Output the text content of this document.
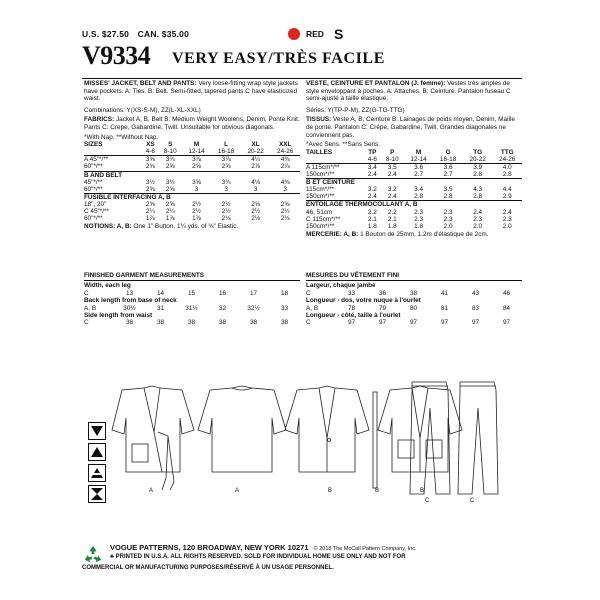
U.S. $27.50 CAN. $35.00	RED S
V9334 VERY EASY/TRÈS FACILE

MISSES' JACKET, BELT AND PANTS: Very loose-fitting wrap style jackets have pockets. A: Ties. B: Belt. Semi-fitted, tapered pants C have elasticized waist.

Combinations: Y(XS-S-M), ZZ(L-XL-XXL)

FABRICS: Jacket A, B, Belt B: Medium Weight Woolens, Denim, Ponte Knit. Pants C: Crepe, Gabardine, Twill. Unsuitable for obvious diagonals.

*With Nap. **Without Nap.

SIZES	XS	S	M	L	XL	XXL
	4-6	8-10	12-14	16-18	20-22	24-26
A 45"*/**	3⅝	3¾	3⅞	3⅞	4¼	4⅜
60"*/**	2⅝	2⅝	2⅝	2⅝	2⅞	2⅞
B AND BELT						
45"*/**	3½	3½	3⅝	3¾	4⅛	4⅜
60"*/**	2⅝	2⅝	3	3	3	3
FUSIBLE INTERFACING A, B						
18", 20"	2⅝	2⅝	2½	2½	2⅝	2⅝
C 45"*/**	2¼	2¼	2½	2½	2½	2½
60"*/**	1⅞	1⅞	1⅞	2⅛	2⅛	2⅛

NOTIONS: A, B: One 1" Button, 1¼ yds. of ¾" Elastic.

VESTE, CEINTURE ET PANTALON (J. femme): Vestes très amples de style enveloppant à poches. A: Attaches. B: Ceinture. Pantalon fuseau C semi-ajusté à taille élastique.

Séries: Y(TP-P-M), ZZ(G-TG-TTG)

TISSUS: Veste A, B, Ceinture B: Lainages de poids moyen, Denim, Maille de ponte. Pantalon C: Crêpe, Gabardine, Twill. Grandes diagonales ne conviennent pas.

*Avec Sens. **Sans Sens.

TAILLES	TP	P	M	G	TG	TTG
	4-6	8-10	12-14	16-18	20-22	24-26
A 115cm*/**	3.4	3.5	3.6	3.6	3.9	4.0
150cm*/**	2.4	2.4	2.7	2.7	2.8	2.8
B ET CEINTURE						
115cm*/**	3.2	3.2	3.4	3.5	4.3	4.4
150cm*/**	2.4	2.4	2.8	2.8	2.8	2.9
ENTOILAGE THERMOCOLLANT A, B						
46, 51cm	2.2	2.2	2.3	2.3	2.4	2.4
C 115cm*/**	2.1	2.1	2.3	2.3	2.3	2.3
150cm*/**	1.8	1.8	1.8	2.0	2.0	2.0

MERCERIE: A, B: 1 Bouton de 25mm, 1.2m d'élastique de 2cm.

FINISHED GARMENT MEASUREMENTS
Width, each leg
C	13	14	15	16	17	18
Back length from base of neck
A, B	30½	31	31½	32	32½	33
Side length from waist
C	38	38	38	38	38	38
MESURES DU VÊTEMENT FINI
Largeur, chaque jambe
C	33	36	38	41	43	46
Longueur - dos, votre nuque à l'ourlet
A, B	78	79	80	81	83	84
Longueur - côté, taille à l'ourlet
C	97	97	97	97	97	97
A	A	B	B	B
C	C
VOGUE PATTERNS, 120 BROADWAY, NEW YORK 10271 © 2018 The McCall Pattern Company, Inc.
♣ PRINTED IN U.S.A. ALL RIGHTS RESERVED. SOLD FOR INDIVIDUAL HOME USE ONLY AND NOT FOR
COMMERCIAL OR MANUFACTURING PURPOSES/RÉSERVÉ À UN USAGE PERSONNEL.
